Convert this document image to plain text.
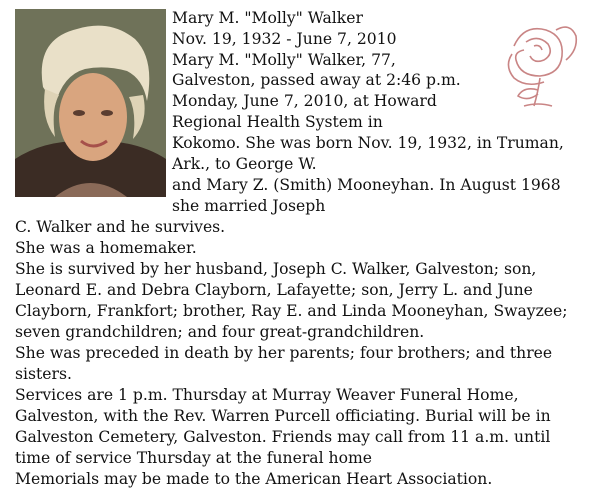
Mary M. "Molly" Walker
Nov. 19, 1932 - June 7, 2010
Mary M. "Molly" Walker, 77,
Galveston, passed away at 2:46 p.m.
Monday, June 7, 2010, at Howard
Regional Health System in
Kokomo. She was born Nov. 19, 1932, in Truman,
Ark., to George W.
and Mary Z. (Smith) Mooneyhan. In August 1968
she married Joseph
C. Walker and he survives.
She was a homemaker.
She is survived by her husband, Joseph C. Walker, Galveston; son,
Leonard E. and Debra Clayborn, Lafayette; son, Jerry L. and June
Clayborn, Frankfort; brother, Ray E. and Linda Mooneyhan, Swayzee;
seven grandchildren; and four great-grandchildren.
She was preceded in death by her parents; four brothers; and three
sisters.
Services are 1 p.m. Thursday at Murray Weaver Funeral Home,
Galveston, with the Rev. Warren Purcell officiating. Burial will be in
Galveston Cemetery, Galveston. Friends may call from 11 a.m. until
time of service Thursday at the funeral home
Memorials may be made to the American Heart Association.
